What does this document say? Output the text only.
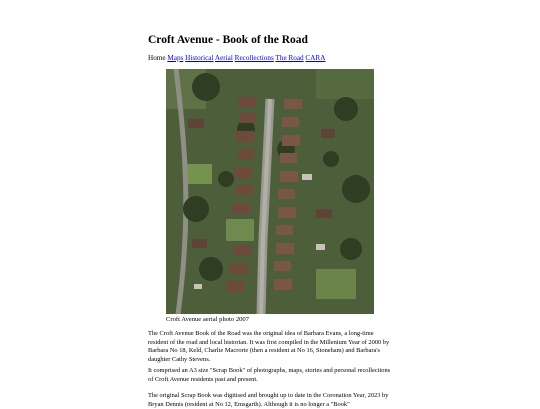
Croft Avenue - Book of the Road
Home Maps Historical Aerial Recollections The Road CARA
Croft Avenue aerial photo 2007

The Croft Avenue Book of the Road was the original idea of Barbara Evans, a long-time resident of the road and local historian. It was first compiled in the Millenium Year of 2000 by Barbara No 18, Keld, Charlie Macrorie (then a resident at No 16, Stoneham) and Barbara's daughter Cathy Stevens.

It comprised an A3 size "Scrap Book" of photographs, maps, stories and personal recollections of Croft Avenue residents past and present.

The original Scrap Book was digitised and brought up to date in the Coronation Year, 2023 by Bryan Dennis (resident at No 12, Emsgarth). Although it is no longer a "Book"
